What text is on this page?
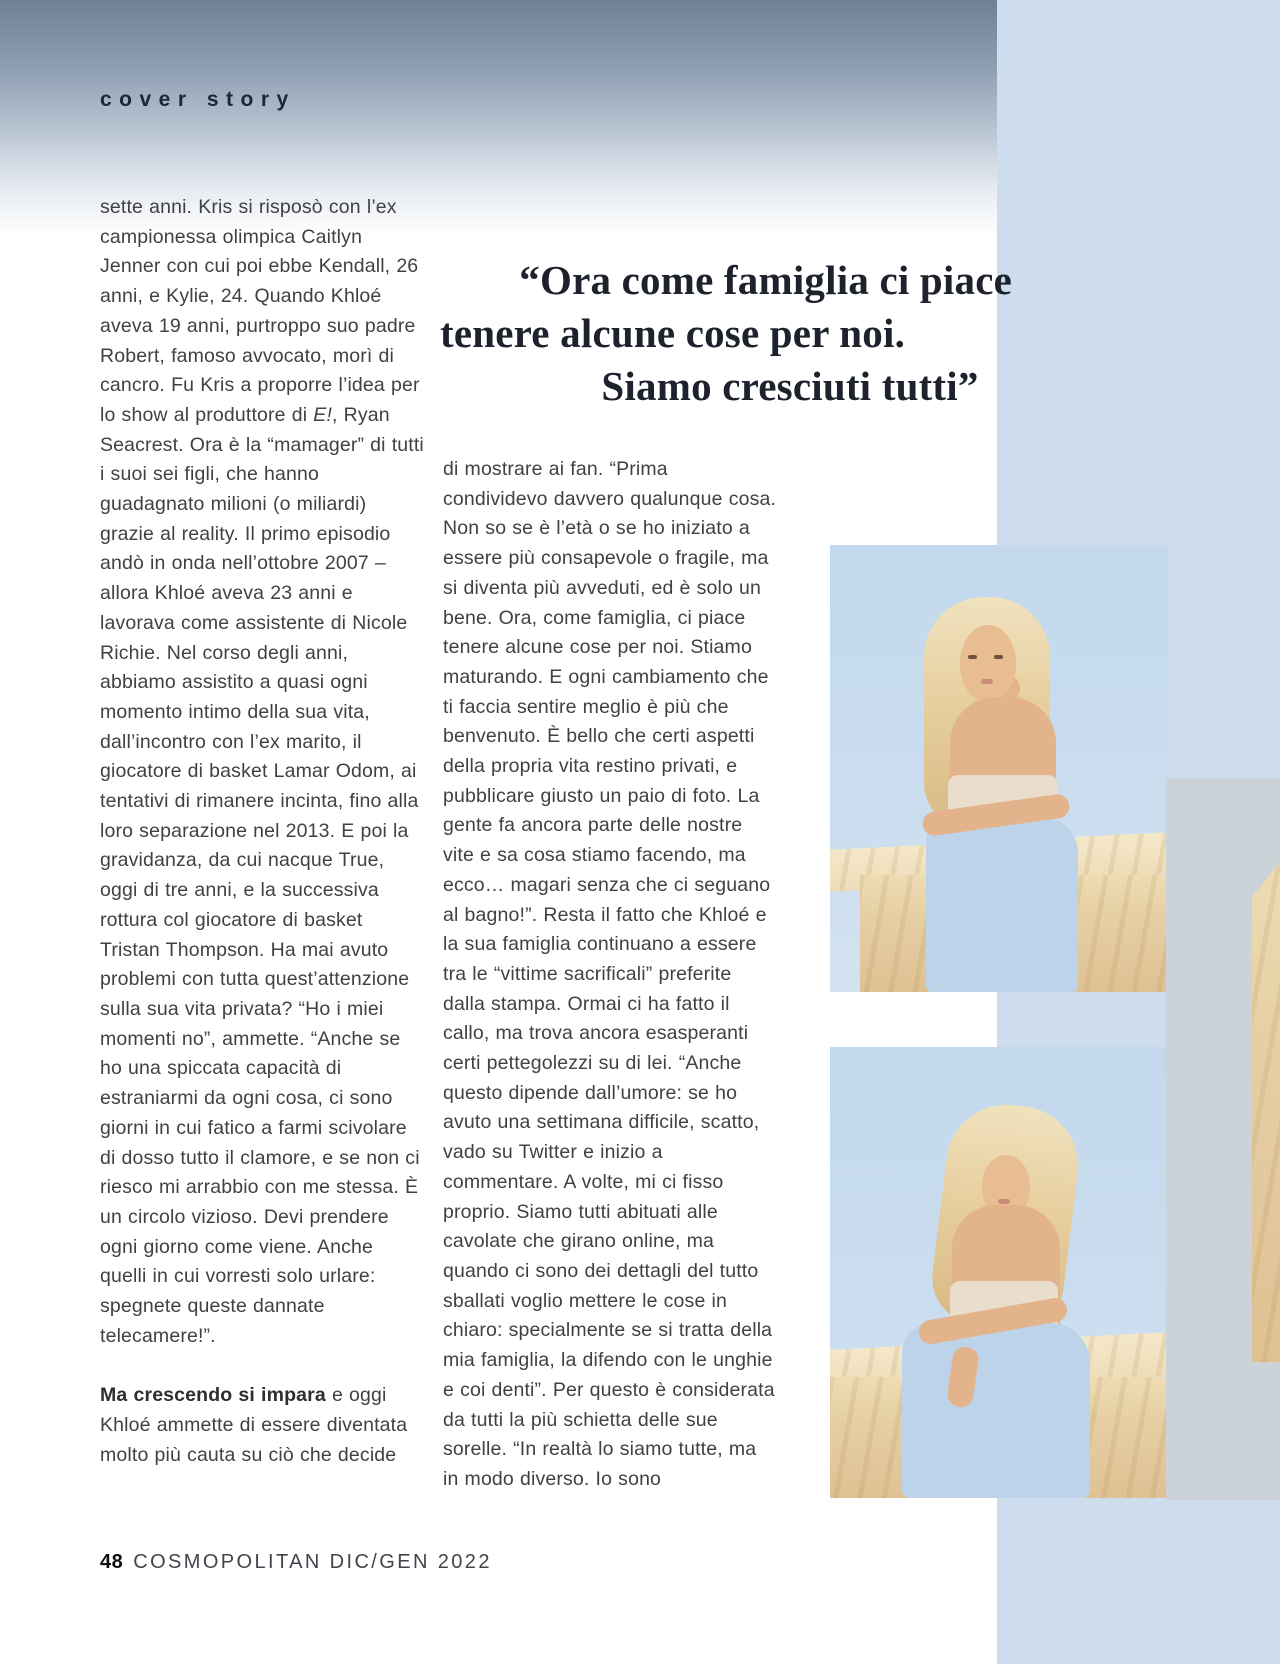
cover story
“Ora come famiglia ci piace
tenere alcune cose per noi.
Siamo cresciuti tutti”

sette anni. Kris si risposò con l’ex campionessa olimpica Caitlyn Jenner con cui poi ebbe Kendall, 26 anni, e Kylie, 24. Quando Khloé aveva 19 anni, purtroppo suo padre Robert, famoso avvocato, morì di cancro. Fu Kris a proporre l’idea per lo show al produttore di E!, Ryan Seacrest. Ora è la “mamager” di tutti i suoi sei figli, che hanno guadagnato milioni (o miliardi) grazie al reality. Il primo episodio andò in onda nell’ottobre 2007 – allora Khloé aveva 23 anni e lavorava come assistente di Nicole Richie. Nel corso degli anni, abbiamo assistito a quasi ogni momento intimo della sua vita, dall’incontro con l’ex marito, il giocatore di basket Lamar Odom, ai tentativi di rimanere incinta, fino alla loro separazione nel 2013. E poi la gravidanza, da cui nacque True, oggi di tre anni, e la successiva rottura col giocatore di basket Tristan Thompson. Ha mai avuto problemi con tutta quest’attenzione sulla sua vita privata? “Ho i miei momenti no”, ammette. “Anche se ho una spiccata capacità di estraniarmi da ogni cosa, ci sono giorni in cui fatico a farmi scivolare di dosso tutto il clamore, e se non ci riesco mi arrabbio con me stessa. È un circolo vizioso. Devi prendere ogni giorno come viene. Anche quelli in cui vorresti solo urlare: spegnete queste dannate telecamere!”.

Ma crescendo si impara e oggi Khloé ammette di essere diventata molto più cauta su ciò che decide

di mostrare ai fan. “Prima condividevo davvero qualunque cosa. Non so se è l’età o se ho iniziato a essere più consapevole o fragile, ma si diventa più avveduti, ed è solo un bene. Ora, come famiglia, ci piace tenere alcune cose per noi. Stiamo maturando. E ogni cambiamento che ti faccia sentire meglio è più che benvenuto. È bello che certi aspetti della propria vita restino privati, e pubblicare giusto un paio di foto. La gente fa ancora parte delle nostre vite e sa cosa stiamo facendo, ma ecco… magari senza che ci seguano al bagno!”. Resta il fatto che Khloé e la sua famiglia continuano a essere tra le “vittime sacrificali” preferite dalla stampa. Ormai ci ha fatto il callo, ma trova ancora esasperanti certi pettegolezzi su di lei. “Anche questo dipende dall’umore: se ho avuto una settimana difficile, scatto, vado su Twitter e inizio a commentare. A volte, mi ci fisso proprio. Siamo tutti abituati alle cavolate che girano online, ma quando ci sono dei dettagli del tutto sballati voglio mettere le cose in chiaro: specialmente se si tratta della mia famiglia, la difendo con le unghie e coi denti”. Per questo è considerata da tutti la più schietta delle sue sorelle. “In realtà lo siamo tutte, ma in modo diverso. Io sono

48 COSMOPOLITAN DIC/GEN 2022
